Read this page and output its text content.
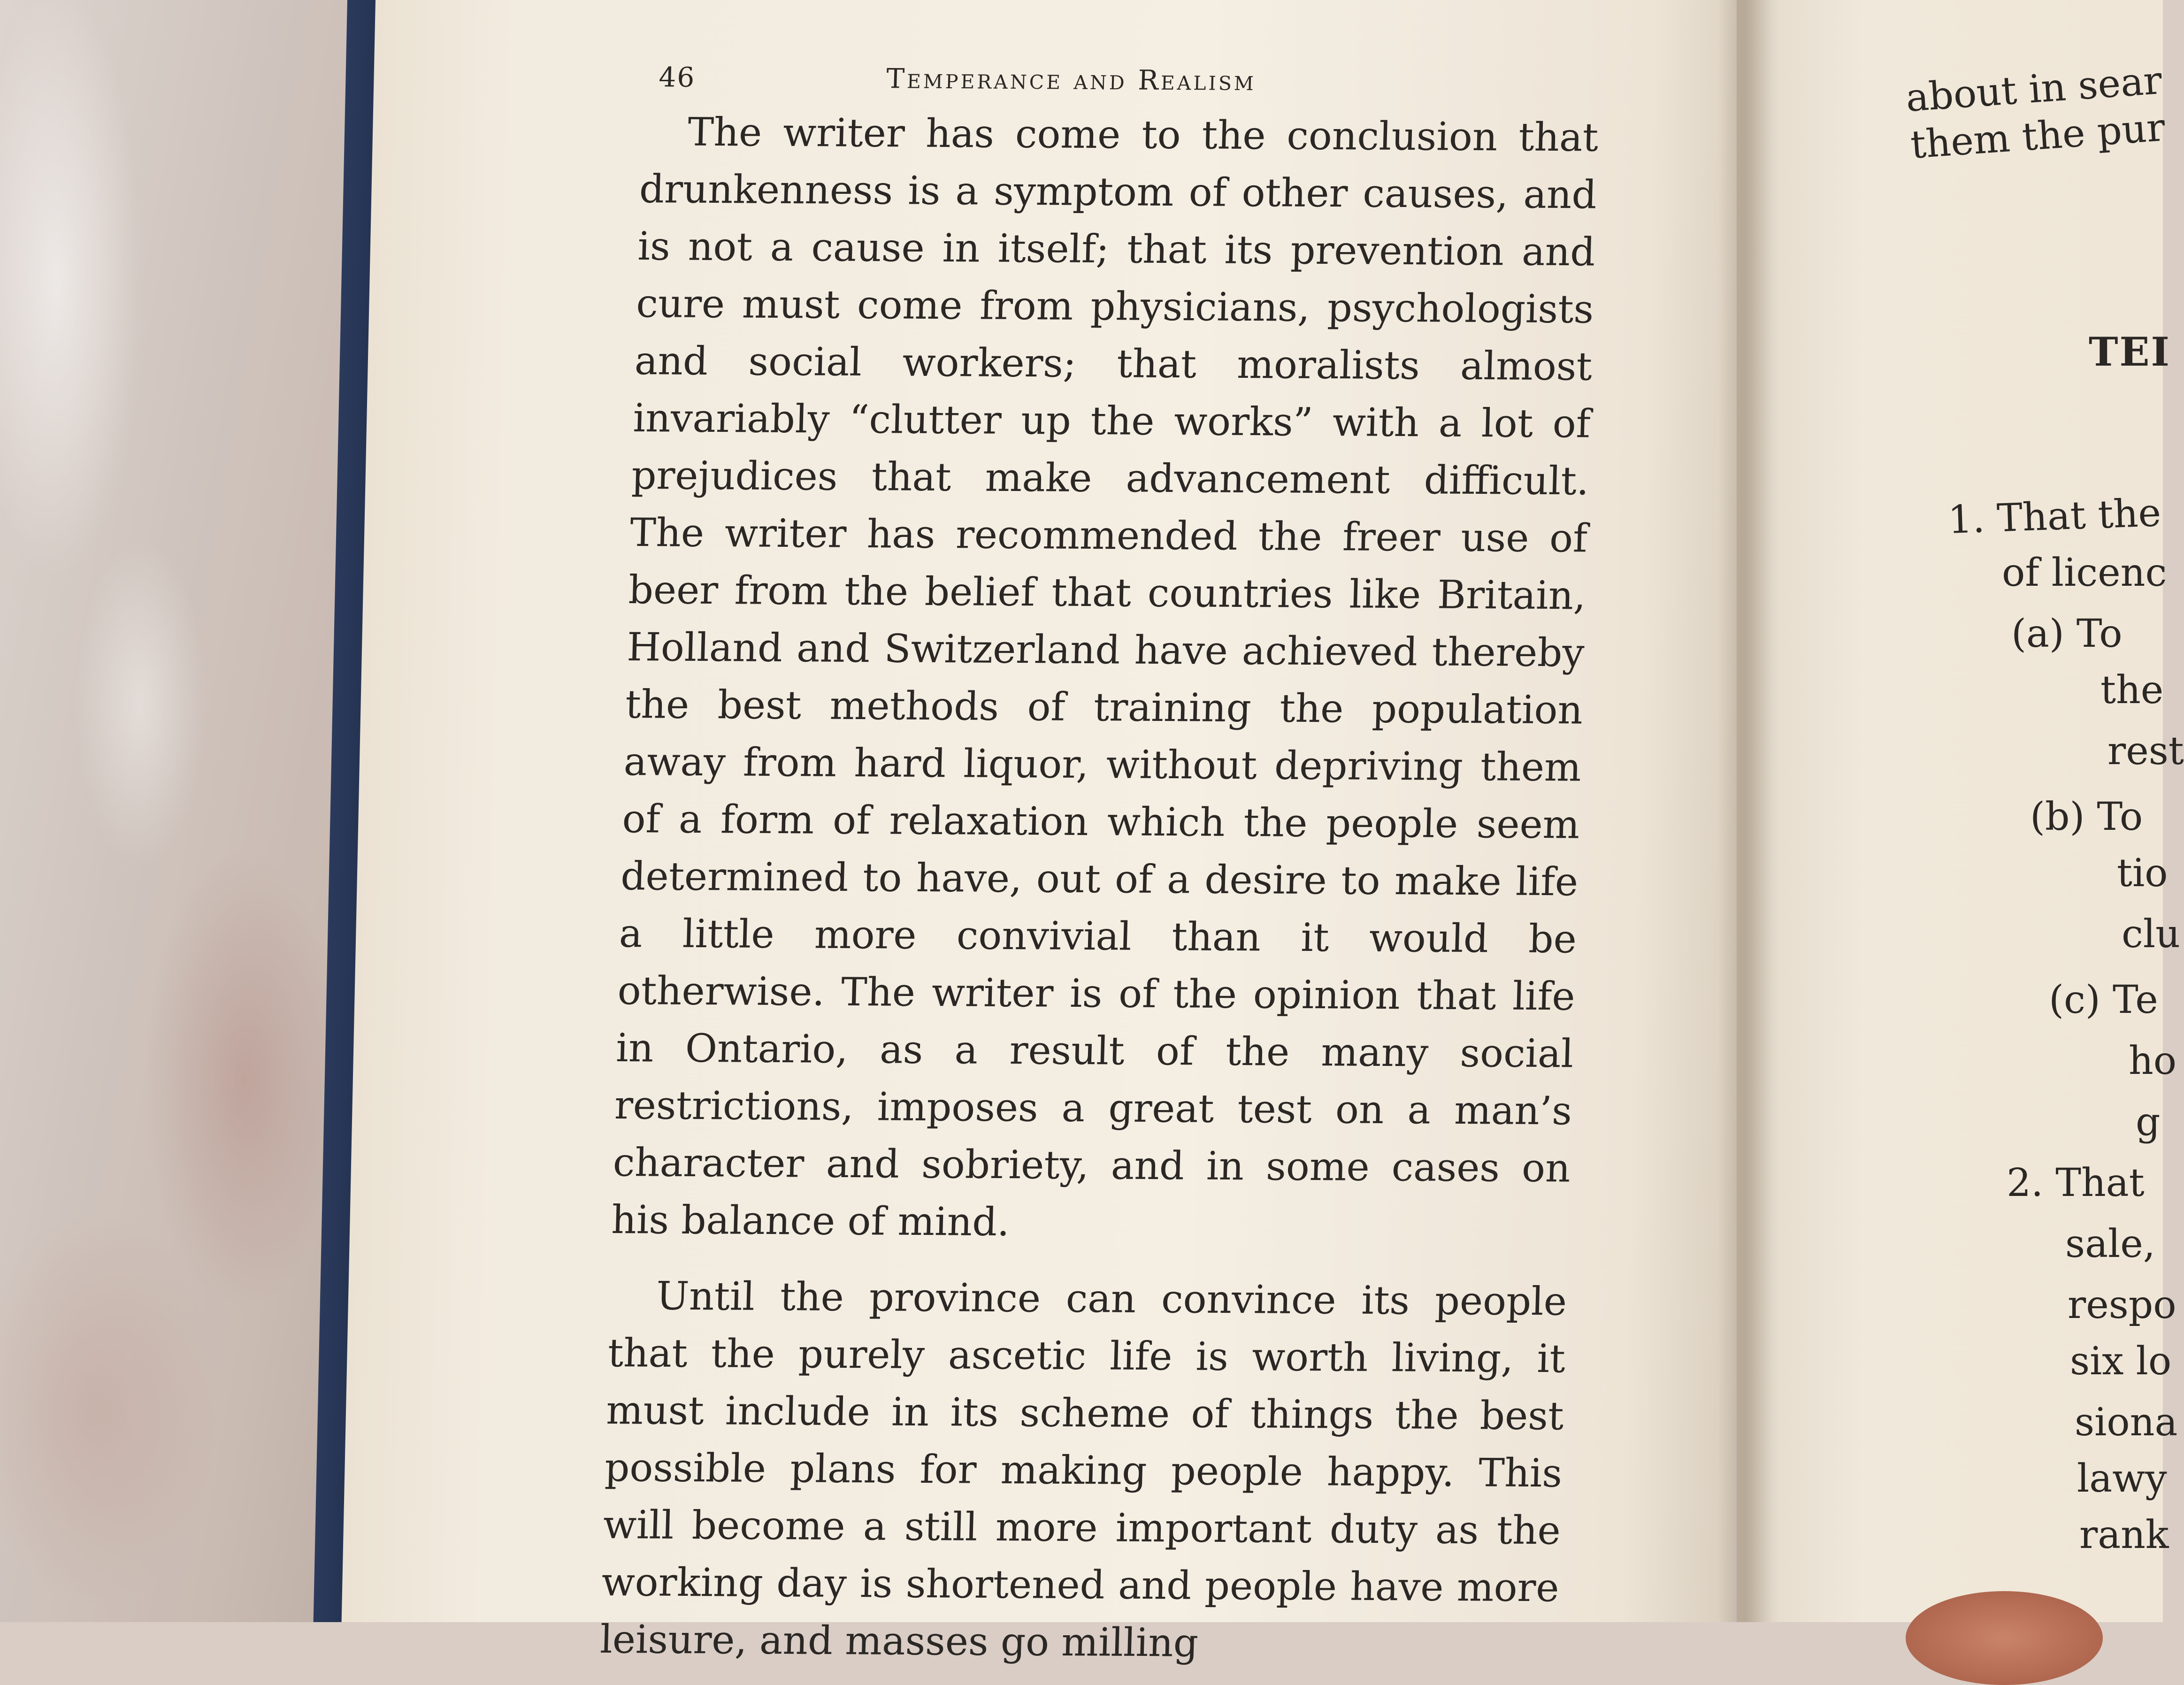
46	Temperance and Realism

The writer has come to the conclusion that drunkenness is a symptom of other causes, and is not a cause in itself; that its prevention and cure must come from physicians, psychologists and social workers; that moralists almost invariably “clutter up the works” with a lot of prejudices that make advancement difficult. The writer has recommended the freer use of beer from the belief that countries like Britain, Holland and Switzerland have achieved thereby the best methods of training the population away from hard liquor, without depriving them of a form of relaxation which the people seem determined to have, out of a desire to make life a little more convivial than it would be otherwise. The writer is of the opinion that life in Ontario, as a result of the many social restrictions, imposes a great test on a man’s character and sobriety, and in some cases on his balance of mind.

Until the province can convince its people that the purely ascetic life is worth living, it must include in its scheme of things the best possible plans for making people happy. This will become a still more important duty as the working day is shortened and people have more leisure, and masses go milling

about in sear
them the pur
TEI
1. That the
of licenc
(a) To
the
rest
(b) To
tio
clu
(c) Te
ho
g
2. That
sale,
respo
six lo
siona
lawy
rank
